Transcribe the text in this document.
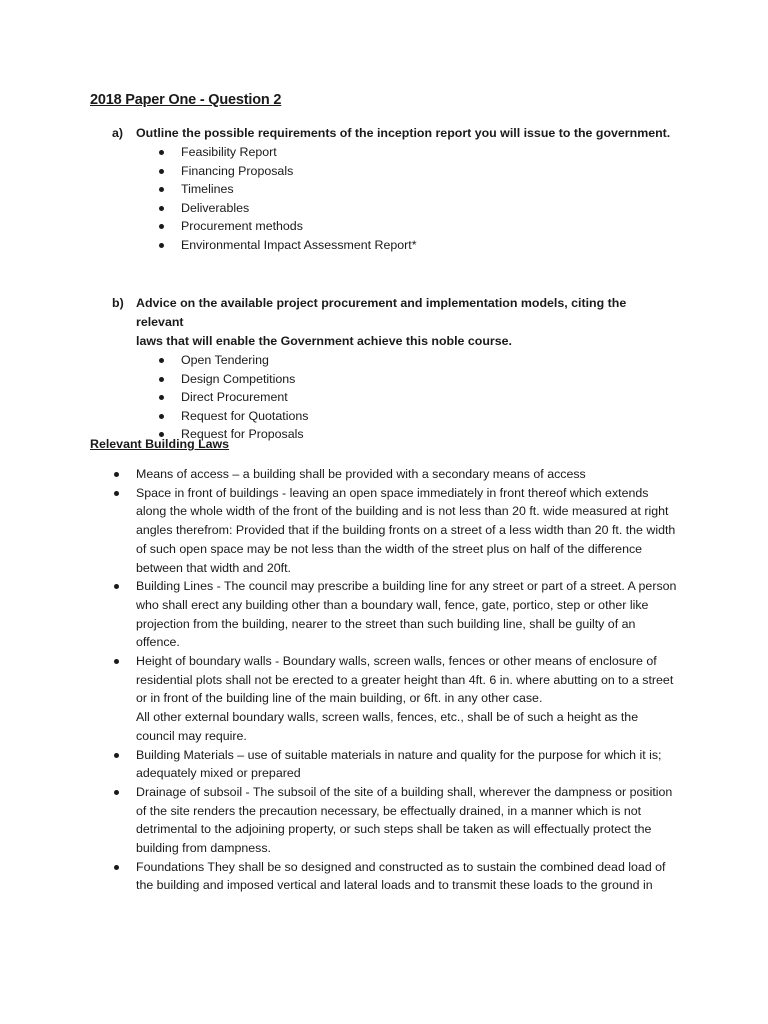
2018 Paper One - Question 2
a) Outline the possible requirements of the inception report you will issue to the government.
Feasibility Report
Financing Proposals
Timelines
Deliverables
Procurement methods
Environmental Impact Assessment Report*
b) Advice on the available project procurement and implementation models, citing the relevant
laws that will enable the Government achieve this noble course.
Open Tendering
Design Competitions
Direct Procurement
Request for Quotations
Request for Proposals
Relevant Building Laws
Means of access – a building shall be provided with a secondary means of access
Space in front of buildings - leaving an open space immediately in front thereof which extends along the whole width of the front of the building and is not less than 20 ft. wide measured at right angles therefrom: Provided that if the building fronts on a street of a less width than 20 ft. the width of such open space may be not less than the width of the street plus on half of the difference between that width and 20ft.
Building Lines - The council may prescribe a building line for any street or part of a street. A person who shall erect any building other than a boundary wall, fence, gate, portico, step or other like projection from the building, nearer to the street than such building line, shall be guilty of an offence.
Height of boundary walls - Boundary walls, screen walls, fences or other means of enclosure of residential plots shall not be erected to a greater height than 4ft. 6 in. where abutting on to a street or in front of the building line of the main building, or 6ft. in any other case.
All other external boundary walls, screen walls, fences, etc., shall be of such a height as the council may require.
Building Materials – use of suitable materials in nature and quality for the purpose for which it is; adequately mixed or prepared
Drainage of subsoil - The subsoil of the site of a building shall, wherever the dampness or position of the site renders the precaution necessary, be effectually drained, in a manner which is not detrimental to the adjoining property, or such steps shall be taken as will effectually protect the building from dampness.
Foundations They shall be so designed and constructed as to sustain the combined dead load of the building and imposed vertical and lateral loads and to transmit these loads to the ground in
